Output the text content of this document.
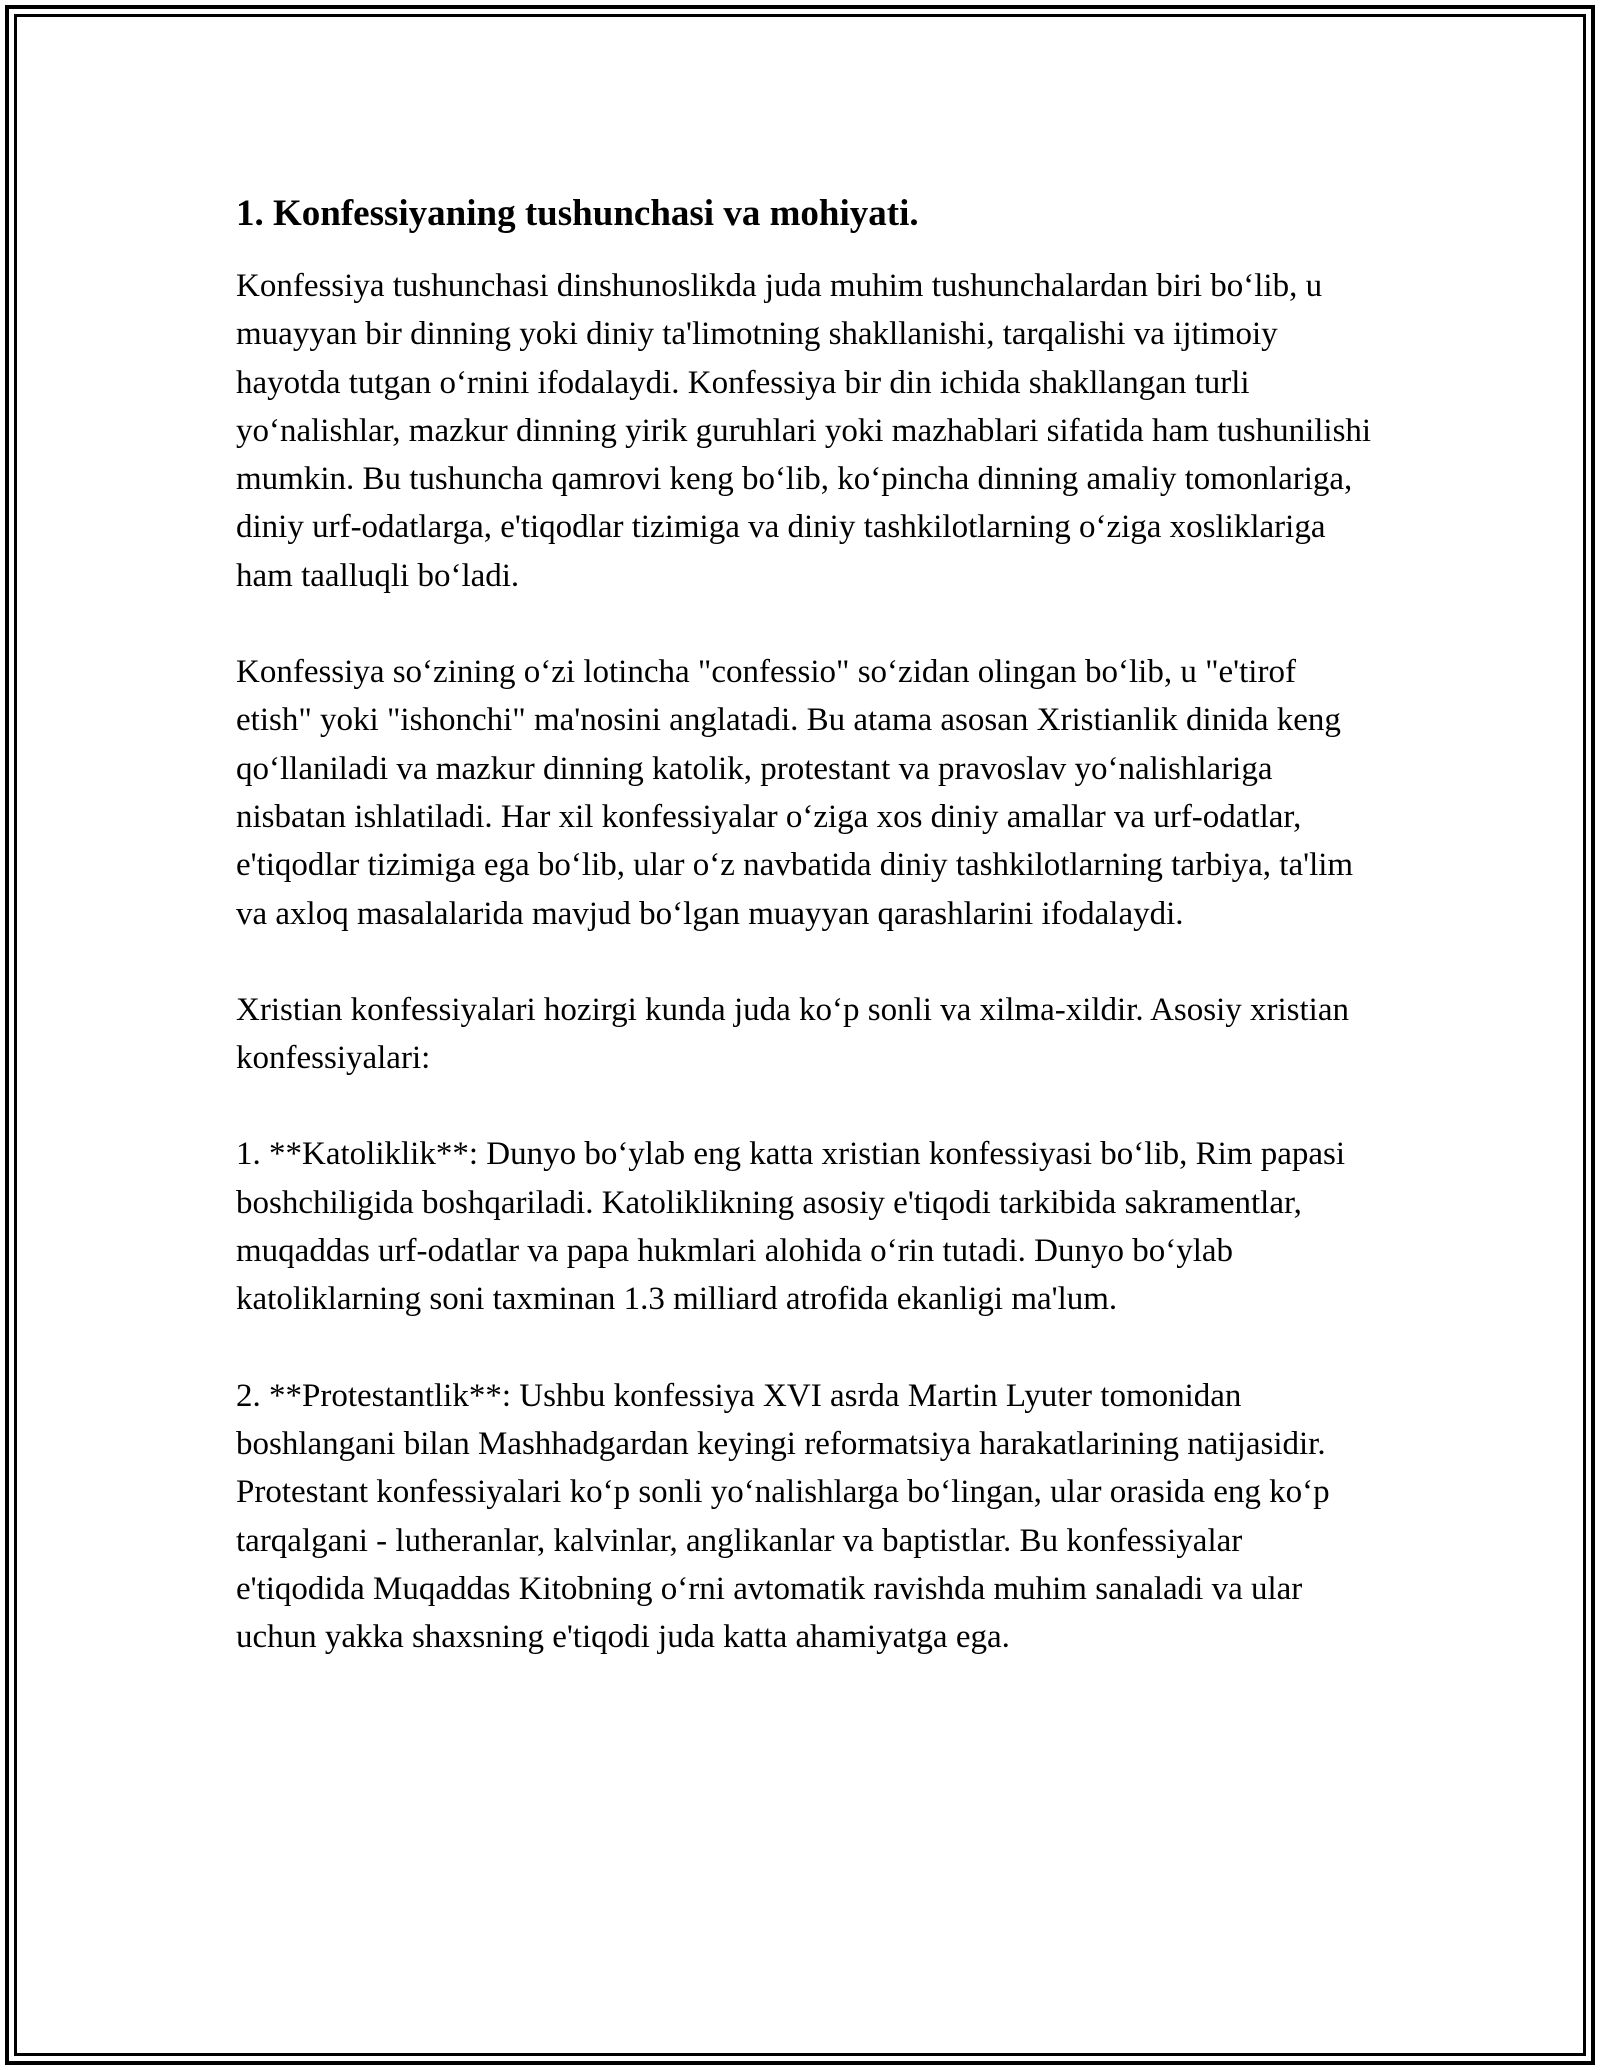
1. Konfessiyaning tushunchasi va mohiyati.

Konfessiya tushunchasi dinshunoslikda juda muhim tushunchalardan biri bo‘lib, u muayyan bir dinning yoki diniy ta'limotning shakllanishi, tarqalishi va ijtimoiy hayotda tutgan o‘rnini ifodalaydi. Konfessiya bir din ichida shakllangan turli yo‘nalishlar, mazkur dinning yirik guruhlari yoki mazhablari sifatida ham tushunilishi mumkin. Bu tushuncha qamrovi keng bo‘lib, ko‘pincha dinning amaliy tomonlariga, diniy urf-odatlarga, e'tiqodlar tizimiga va diniy tashkilotlarning o‘ziga xosliklariga ham taalluqli bo‘ladi.

Konfessiya so‘zining o‘zi lotincha "confessio" so‘zidan olingan bo‘lib, u "e'tirof etish" yoki "ishonchi" ma'nosini anglatadi. Bu atama asosan Xristianlik dinida keng qo‘llaniladi va mazkur dinning katolik, protestant va pravoslav yo‘nalishlariga nisbatan ishlatiladi. Har xil konfessiyalar o‘ziga xos diniy amallar va urf-odatlar, e'tiqodlar tizimiga ega bo‘lib, ular o‘z navbatida diniy tashkilotlarning tarbiya, ta'lim va axloq masalalarida mavjud bo‘lgan muayyan qarashlarini ifodalaydi.

Xristian konfessiyalari hozirgi kunda juda ko‘p sonli va xilma-xildir. Asosiy xristian konfessiyalari:

1. **Katoliklik**: Dunyo bo‘ylab eng katta xristian konfessiyasi bo‘lib, Rim papasi boshchiligida boshqariladi. Katoliklikning asosiy e'tiqodi tarkibida sakramentlar, muqaddas urf-odatlar va papa hukmlari alohida o‘rin tutadi. Dunyo bo‘ylab katoliklarning soni taxminan 1.3 milliard atrofida ekanligi ma'lum.

2. **Protestantlik**: Ushbu konfessiya XVI asrda Martin Lyuter tomonidan boshlangani bilan Mashhadgardan keyingi reformatsiya harakatlarining natijasidir. Protestant konfessiyalari ko‘p sonli yo‘nalishlarga bo‘lingan, ular orasida eng ko‘p tarqalgani - lutheranlar, kalvinlar, anglikanlar va baptistlar. Bu konfessiyalar e'tiqodida Muqaddas Kitobning o‘rni avtomatik ravishda muhim sanaladi va ular uchun yakka shaxsning e'tiqodi juda katta ahamiyatga ega.
